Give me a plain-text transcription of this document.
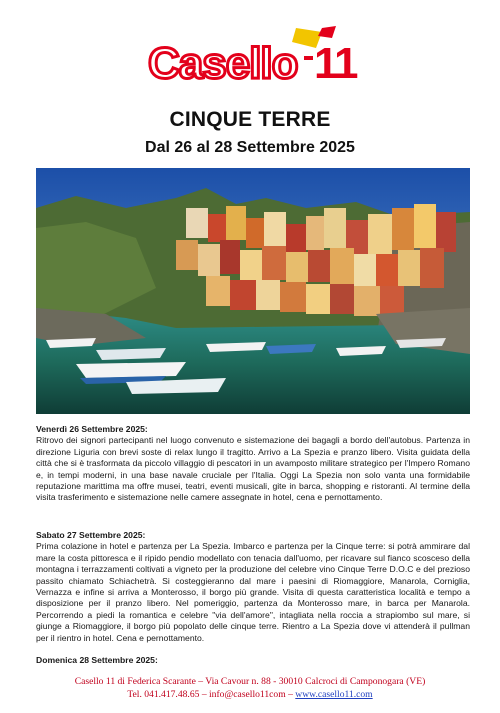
Casello 11
CINQUE TERRE
Dal 26 al 28 Settembre 2025
Venerdì 26 Settembre 2025:
Ritrovo dei signori partecipanti nel luogo convenuto e sistemazione dei bagagli a bordo dell'autobus. Partenza in direzione Liguria con brevi soste di relax lungo il tragitto. Arrivo a La Spezia e pranzo libero. Visita guidata della città che si è trasformata da piccolo villaggio di pescatori in un avamposto militare strategico per l'Impero Romano e, in tempi moderni, in una base navale cruciale per l'Italia. Oggi La Spezia non solo vanta una formidabile reputazione marittima ma offre musei, teatri, eventi musicali, gite in barca, shopping e ristoranti. Al termine della visita trasferimento e sistemazione nelle camere assegnate in hotel, cena e pernottamento.
Sabato 27 Settembre 2025:
Prima colazione in hotel e partenza per La Spezia. Imbarco e partenza per la Cinque terre: si potrà ammirare dal mare la costa pittoresca e il ripido pendio modellato con tenacia dall'uomo, per ricavare sul fianco scosceso della montagna i terrazzamenti coltivati a vigneto per la produzione del celebre vino Cinque Terre D.O.C e del prezioso passito chiamato Schiachetrà. Si costeggieranno dal mare i paesini di Riomaggiore, Manarola, Corniglia, Vernazza e infine si arriva a Monterosso, il borgo più grande. Visita di questa caratteristica località e tempo a disposizione per il pranzo libero. Nel pomeriggio, partenza da Monterosso mare, in barca per Manarola. Percorrendo a piedi la romantica e celebre "via dell'amore", intagliata nella roccia a strapiombo sul mare, si giunge a Riomaggiore, il borgo più popolato delle cinque terre. Rientro a La Spezia dove vi attenderà il pullman per il rientro in hotel. Cena e pernottamento.
Domenica 28 Settembre 2025:
Casello 11 di Federica Scarante – Via Cavour n. 88 - 30010 Calcroci di Camponogara (VE)
Tel. 041.417.48.65 – info@casello11com – www.casello11.com
